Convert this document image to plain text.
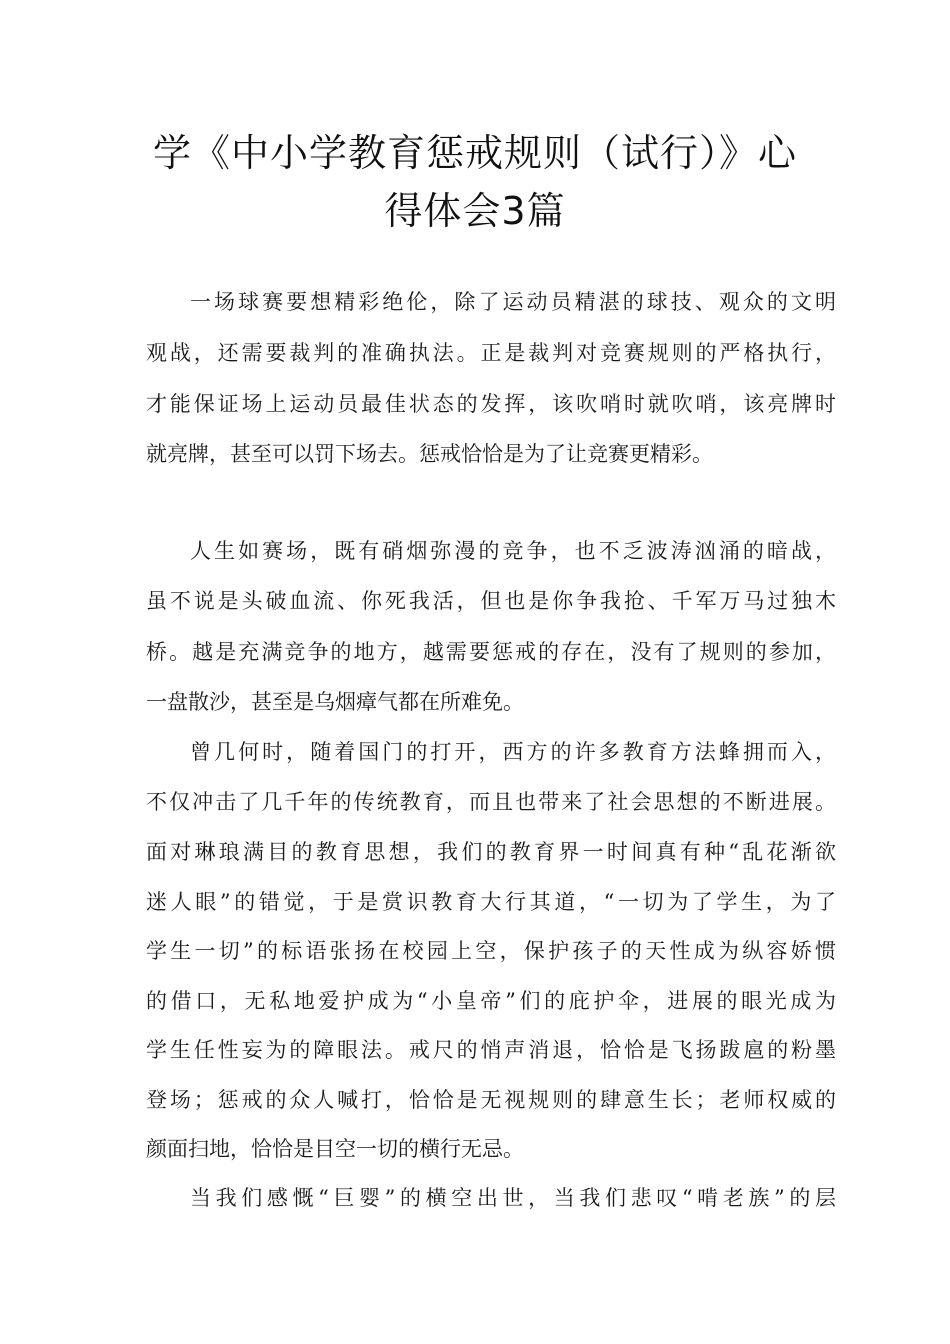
学《中小学教育惩戒规则（试行）》心
得体会3篇

一场球赛要想精彩绝伦，除了运动员精湛的球技、观众的文明

观战，还需要裁判的准确执法。正是裁判对竞赛规则的严格执行，

才能保证场上运动员最佳状态的发挥，该吹哨时就吹哨，该亮牌时

就亮牌，甚至可以罚下场去。惩戒恰恰是为了让竞赛更精彩。

人生如赛场，既有硝烟弥漫的竞争，也不乏波涛汹涌的暗战，

虽不说是头破血流、你死我活，但也是你争我抢、千军万马过独木

桥。越是充满竞争的地方，越需要惩戒的存在，没有了规则的参加，

一盘散沙，甚至是乌烟瘴气都在所难免。

曾几何时，随着国门的打开，西方的许多教育方法蜂拥而入，

不仅冲击了几千年的传统教育，而且也带来了社会思想的不断进展。

面对琳琅满目的教育思想，我们的教育界一时间真有种“乱花渐欲

迷人眼”的错觉，于是赏识教育大行其道，“一切为了学生，为了

学生一切”的标语张扬在校园上空，保护孩子的天性成为纵容娇惯

的借口，无私地爱护成为“小皇帝”们的庇护伞，进展的眼光成为

学生任性妄为的障眼法。戒尺的悄声消退，恰恰是飞扬跋扈的粉墨

登场；惩戒的众人喊打，恰恰是无视规则的肆意生长；老师权威的

颜面扫地，恰恰是目空一切的横行无忌。

当我们感慨“巨婴”的横空出世，当我们悲叹“啃老族”的层
